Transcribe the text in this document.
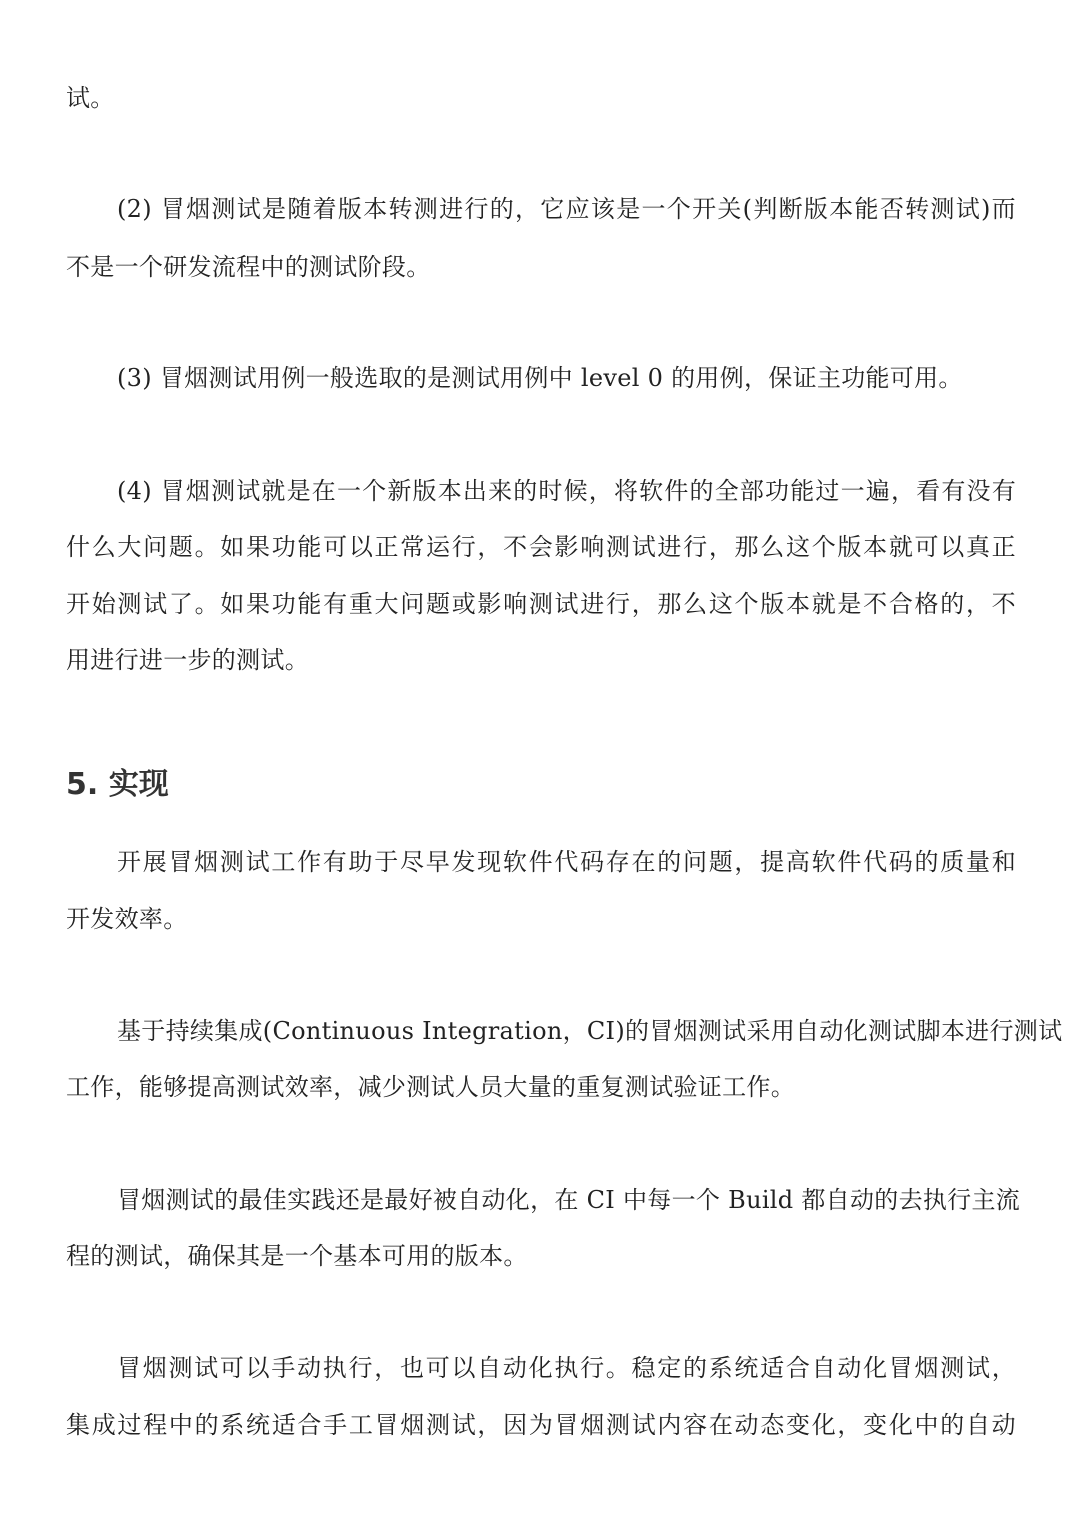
试。
(2) 冒烟测试是随着版本转测进行的，它应该是一个开关(判断版本能否转测试)而
不是一个研发流程中的测试阶段。
(3) 冒烟测试用例一般选取的是测试用例中 level 0 的用例，保证主功能可用。
(4) 冒烟测试就是在一个新版本出来的时候，将软件的全部功能过一遍，看有没有
什么大问题。如果功能可以正常运行，不会影响测试进行，那么这个版本就可以真正
开始测试了。如果功能有重大问题或影响测试进行，那么这个版本就是不合格的，不
用进行进一步的测试。
5. 实现
开展冒烟测试工作有助于尽早发现软件代码存在的问题，提高软件代码的质量和
开发效率。
基于持续集成(Continuous Integration，CI)的冒烟测试采用自动化测试脚本进行测试
工作，能够提高测试效率，减少测试人员大量的重复测试验证工作。
冒烟测试的最佳实践还是最好被自动化，在 CI 中每一个 Build 都自动的去执行主流
程的测试，确保其是一个基本可用的版本。
冒烟测试可以手动执行，也可以自动化执行。稳定的系统适合自动化冒烟测试，
集成过程中的系统适合手工冒烟测试，因为冒烟测试内容在动态变化，变化中的自动
